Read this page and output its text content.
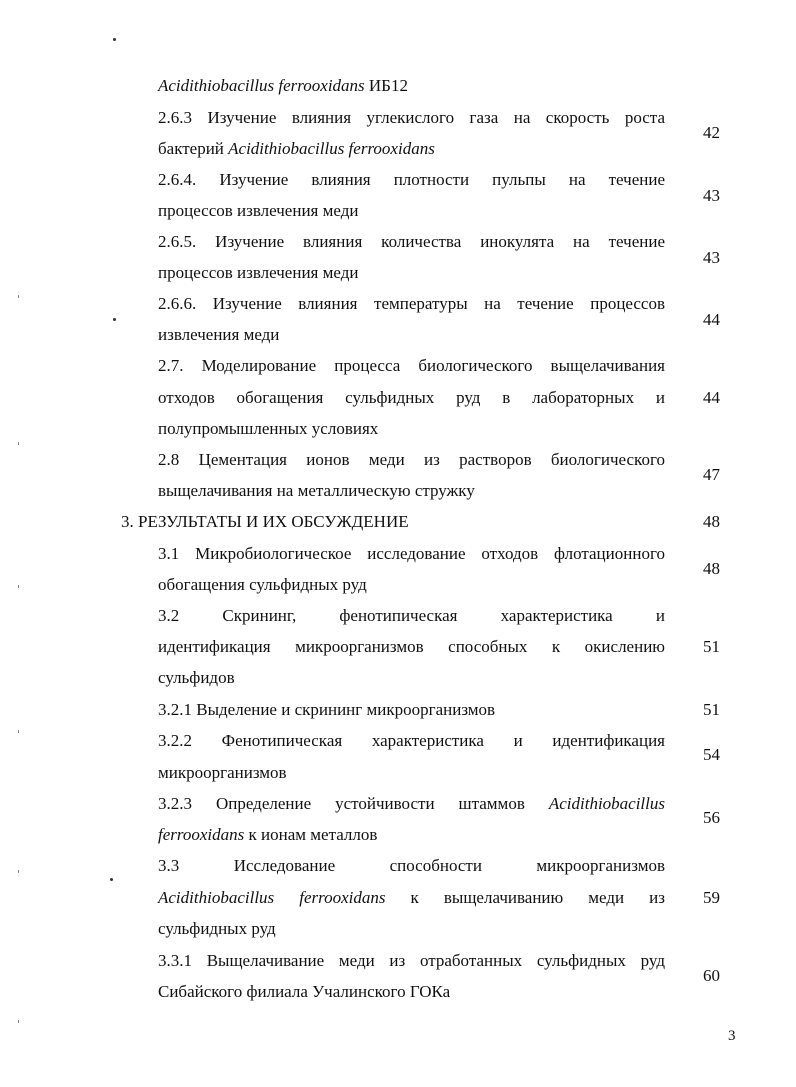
Acidithiobacillus ferrooxidans ИБ12
2.6.3 Изучение влияния углекислого газа на скорость роста
бактерий Acidithiobacillus ferrooxidans
42
2.6.4. Изучение влияния плотности пульпы на течение
процессов извлечения меди
43
2.6.5. Изучение влияния количества инокулята на течение
процессов извлечения меди
43
2.6.6. Изучение влияния температуры на течение процессов
извлечения меди
44
2.7. Моделирование процесса биологического выщелачивания
отходов обогащения сульфидных руд в лабораторных и
полупромышленных условиях
44
2.8 Цементация ионов меди из растворов биологического
выщелачивания на металлическую стружку
47
3. РЕЗУЛЬТАТЫ И ИХ ОБСУЖДЕНИЕ	48
3.1 Микробиологическое исследование отходов флотационного
обогащения сульфидных руд
48
3.2 Скрининг, фенотипическая характеристика и
идентификация микроорганизмов способных к окислению
сульфидов
51
3.2.1 Выделение и скрининг микроорганизмов	51
3.2.2 Фенотипическая характеристика и идентификация
микроорганизмов
54
3.2.3 Определение устойчивости штаммов Acidithiobacillus
ferrooxidans к ионам металлов
56
3.3 Исследование способности микроорганизмов
Acidithiobacillus ferrooxidans к выщелачиванию меди из
сульфидных руд
59
3.3.1 Выщелачивание меди из отработанных сульфидных руд
Сибайского филиала Учалинского ГОКа
60
3
